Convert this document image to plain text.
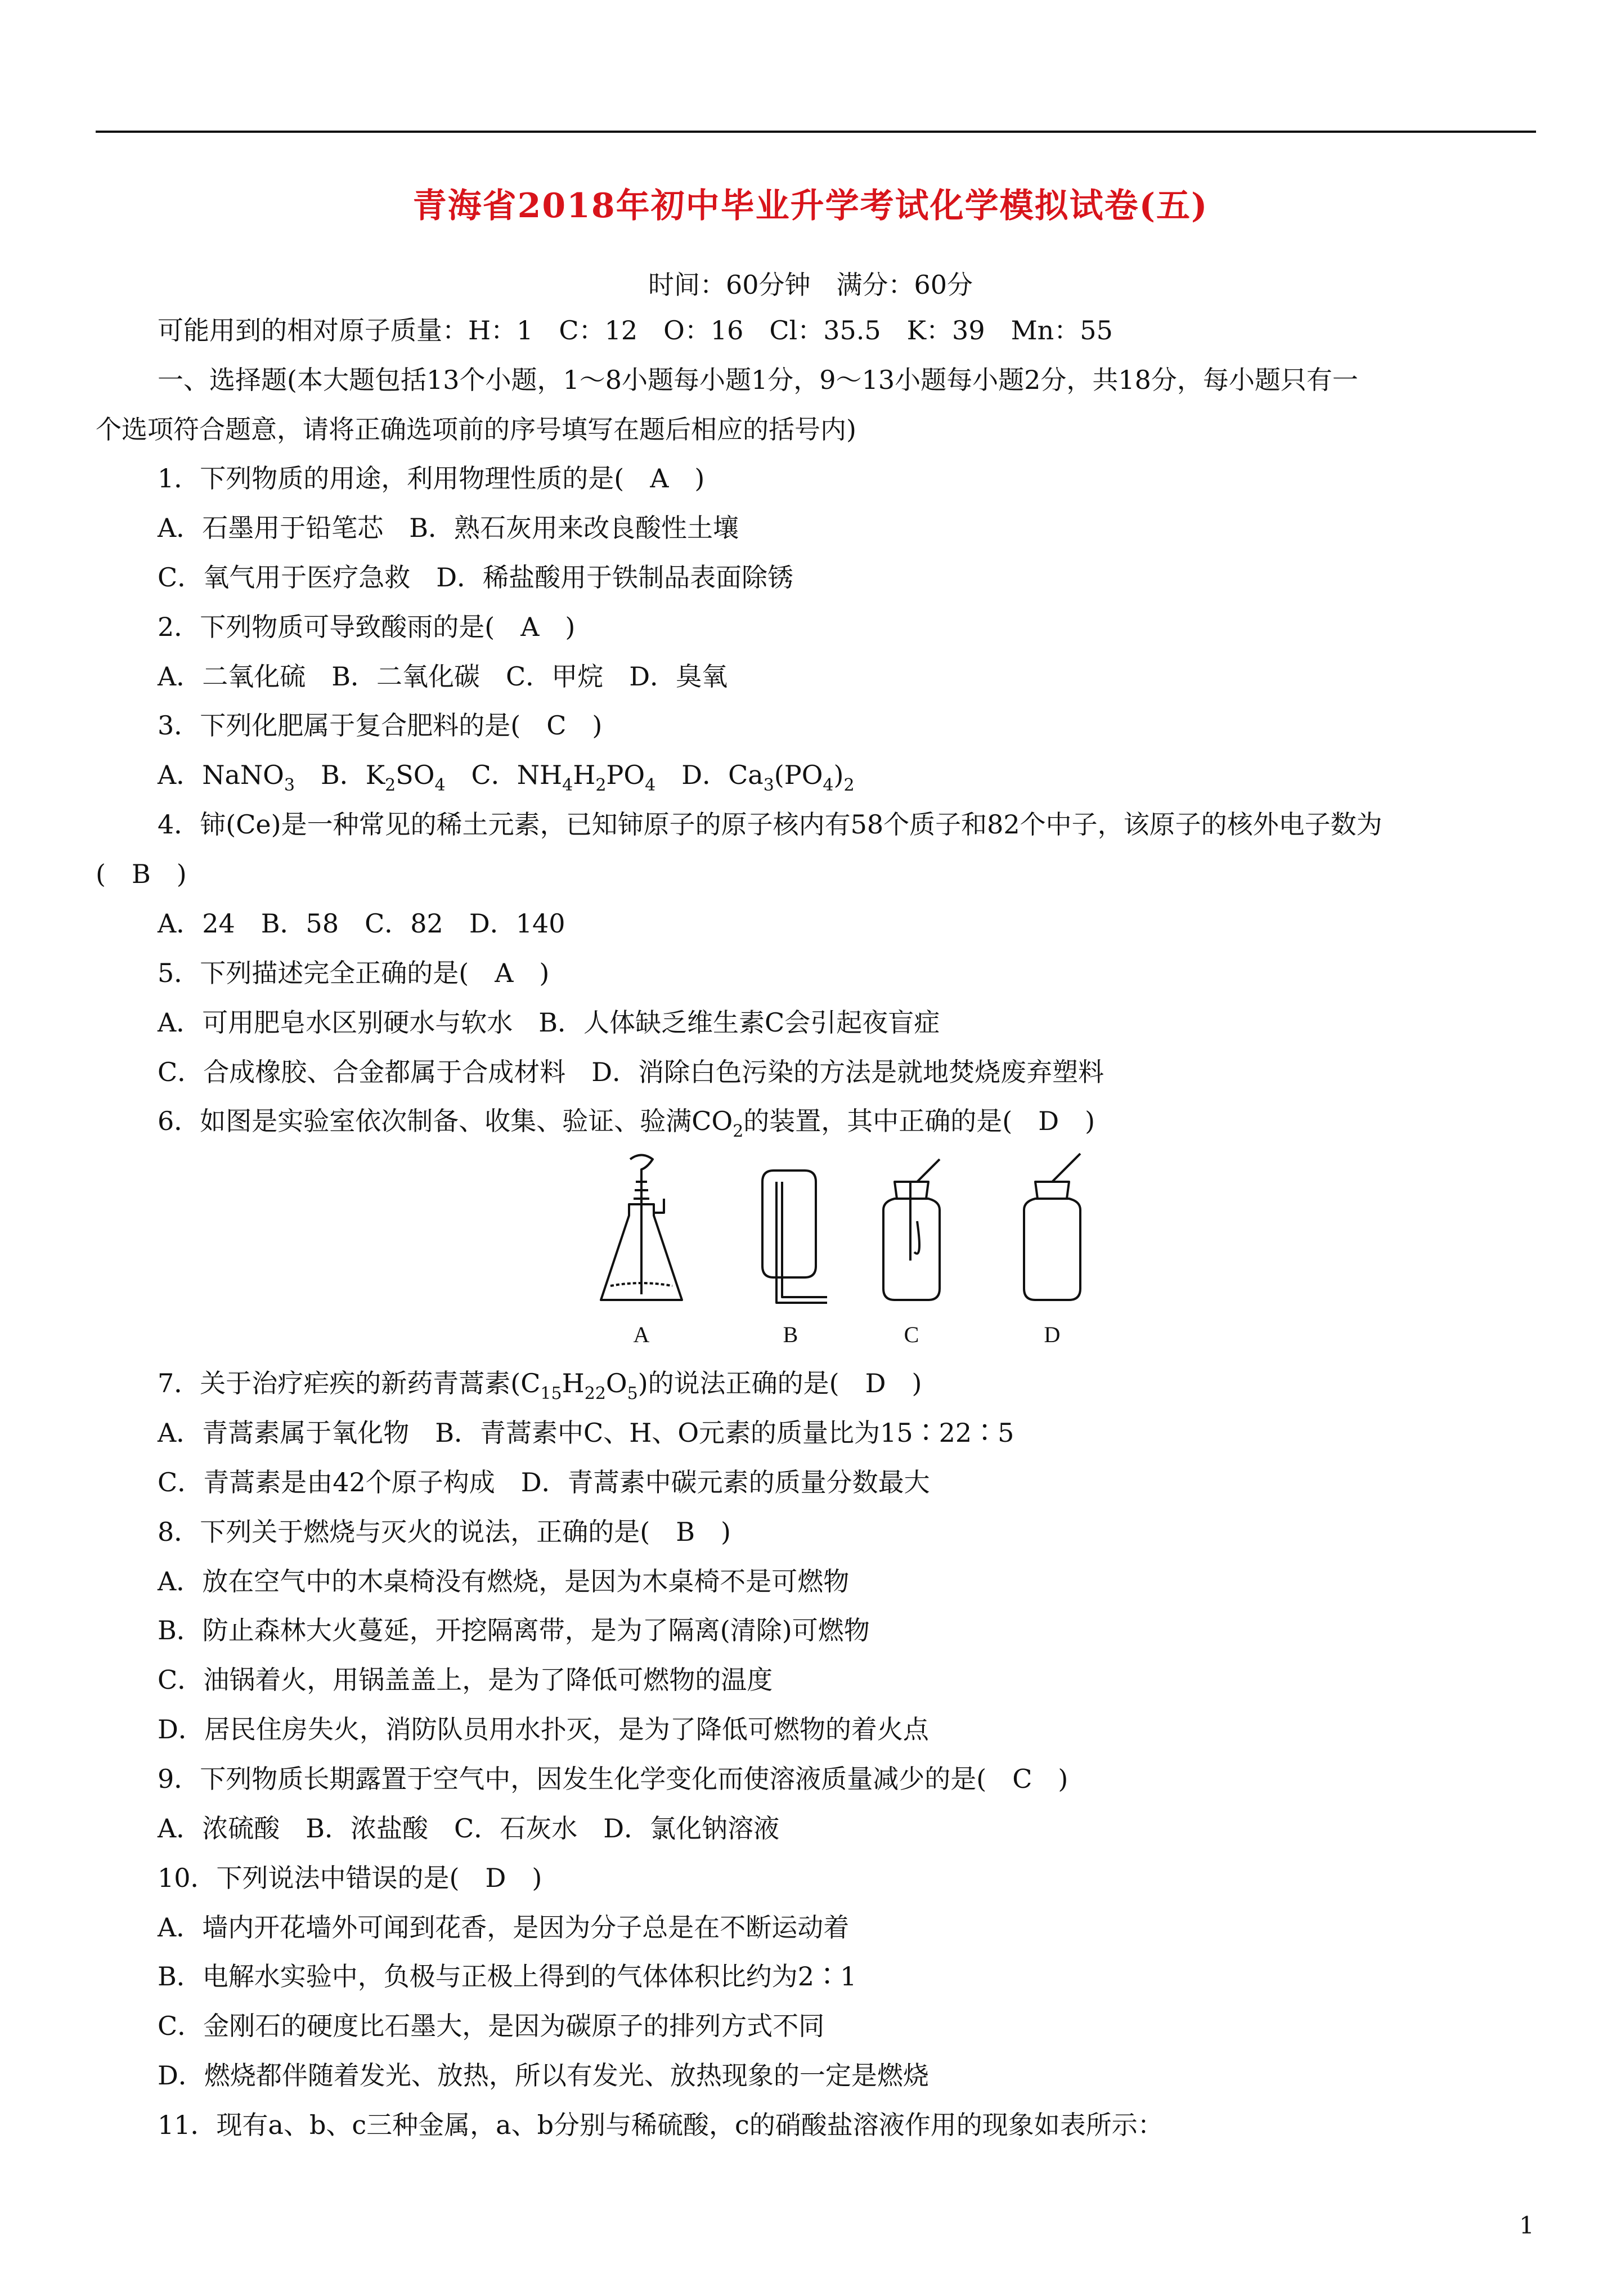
青海省2018年初中毕业升学考试化学模拟试卷(五)
时间：60分钟　满分：60分
可能用到的相对原子质量：H：1　C：12　O：16　Cl：35.5　K：39　Mn：55
一、选择题(本大题包括13个小题，1～8小题每小题1分，9～13小题每小题2分，共18分，每小题只有一
个选项符合题意，请将正确选项前的序号填写在题后相应的括号内)
1．下列物质的用途，利用物理性质的是(　A　)
A．石墨用于铅笔芯　B．熟石灰用来改良酸性土壤
C．氧气用于医疗急救　D．稀盐酸用于铁制品表面除锈
2．下列物质可导致酸雨的是(　A　)
A．二氧化硫　B．二氧化碳　C．甲烷　D．臭氧
3．下列化肥属于复合肥料的是(　C　)
A．NaNO$_3$　B．$K_2SO_4$　C．$NH_4H_2PO_4$　D．$Ca_3(PO_4)_2$
4．铈(Ce)是一种常见的稀土元素，已知铈原子的原子核内有58个质子和82个中子，该原子的核外电子数为
(　B　)
A．24　B．58　C．82　D．140
5．下列描述完全正确的是(　A　)
A．可用肥皂水区别硬水与软水　B．人体缺乏维生素C会引起夜盲症
C．合成橡胶、合金都属于合成材料　D．消除白色污染的方法是就地焚烧废弃塑料
6．如图是实验室依次制备、收集、验证、验满$CO_2$的装置，其中正确的是(　D　)
A	B	C	D
7．关于治疗疟疾的新药青蒿素$(C_{15}H_{22}O_5)$的说法正确的是(　D　)
A．青蒿素属于氧化物　B．青蒿素中C、H、O元素的质量比为15∶22∶5
C．青蒿素是由42个原子构成　D．青蒿素中碳元素的质量分数最大
8．下列关于燃烧与灭火的说法，正确的是(　B　)
A．放在空气中的木桌椅没有燃烧，是因为木桌椅不是可燃物
B．防止森林大火蔓延，开挖隔离带，是为了隔离(清除)可燃物
C．油锅着火，用锅盖盖上，是为了降低可燃物的温度
D．居民住房失火，消防队员用水扑灭，是为了降低可燃物的着火点
9．下列物质长期露置于空气中，因发生化学变化而使溶液质量减少的是(　C　)
A．浓硫酸　B．浓盐酸　C．石灰水　D．氯化钠溶液
10．下列说法中错误的是(　D　)
A．墙内开花墙外可闻到花香，是因为分子总是在不断运动着
B．电解水实验中，负极与正极上得到的气体体积比约为2∶1
C．金刚石的硬度比石墨大，是因为碳原子的排列方式不同
D．燃烧都伴随着发光、放热，所以有发光、放热现象的一定是燃烧
11．现有a、b、c三种金属，a、b分别与稀硫酸，c的硝酸盐溶液作用的现象如表所示：
1
